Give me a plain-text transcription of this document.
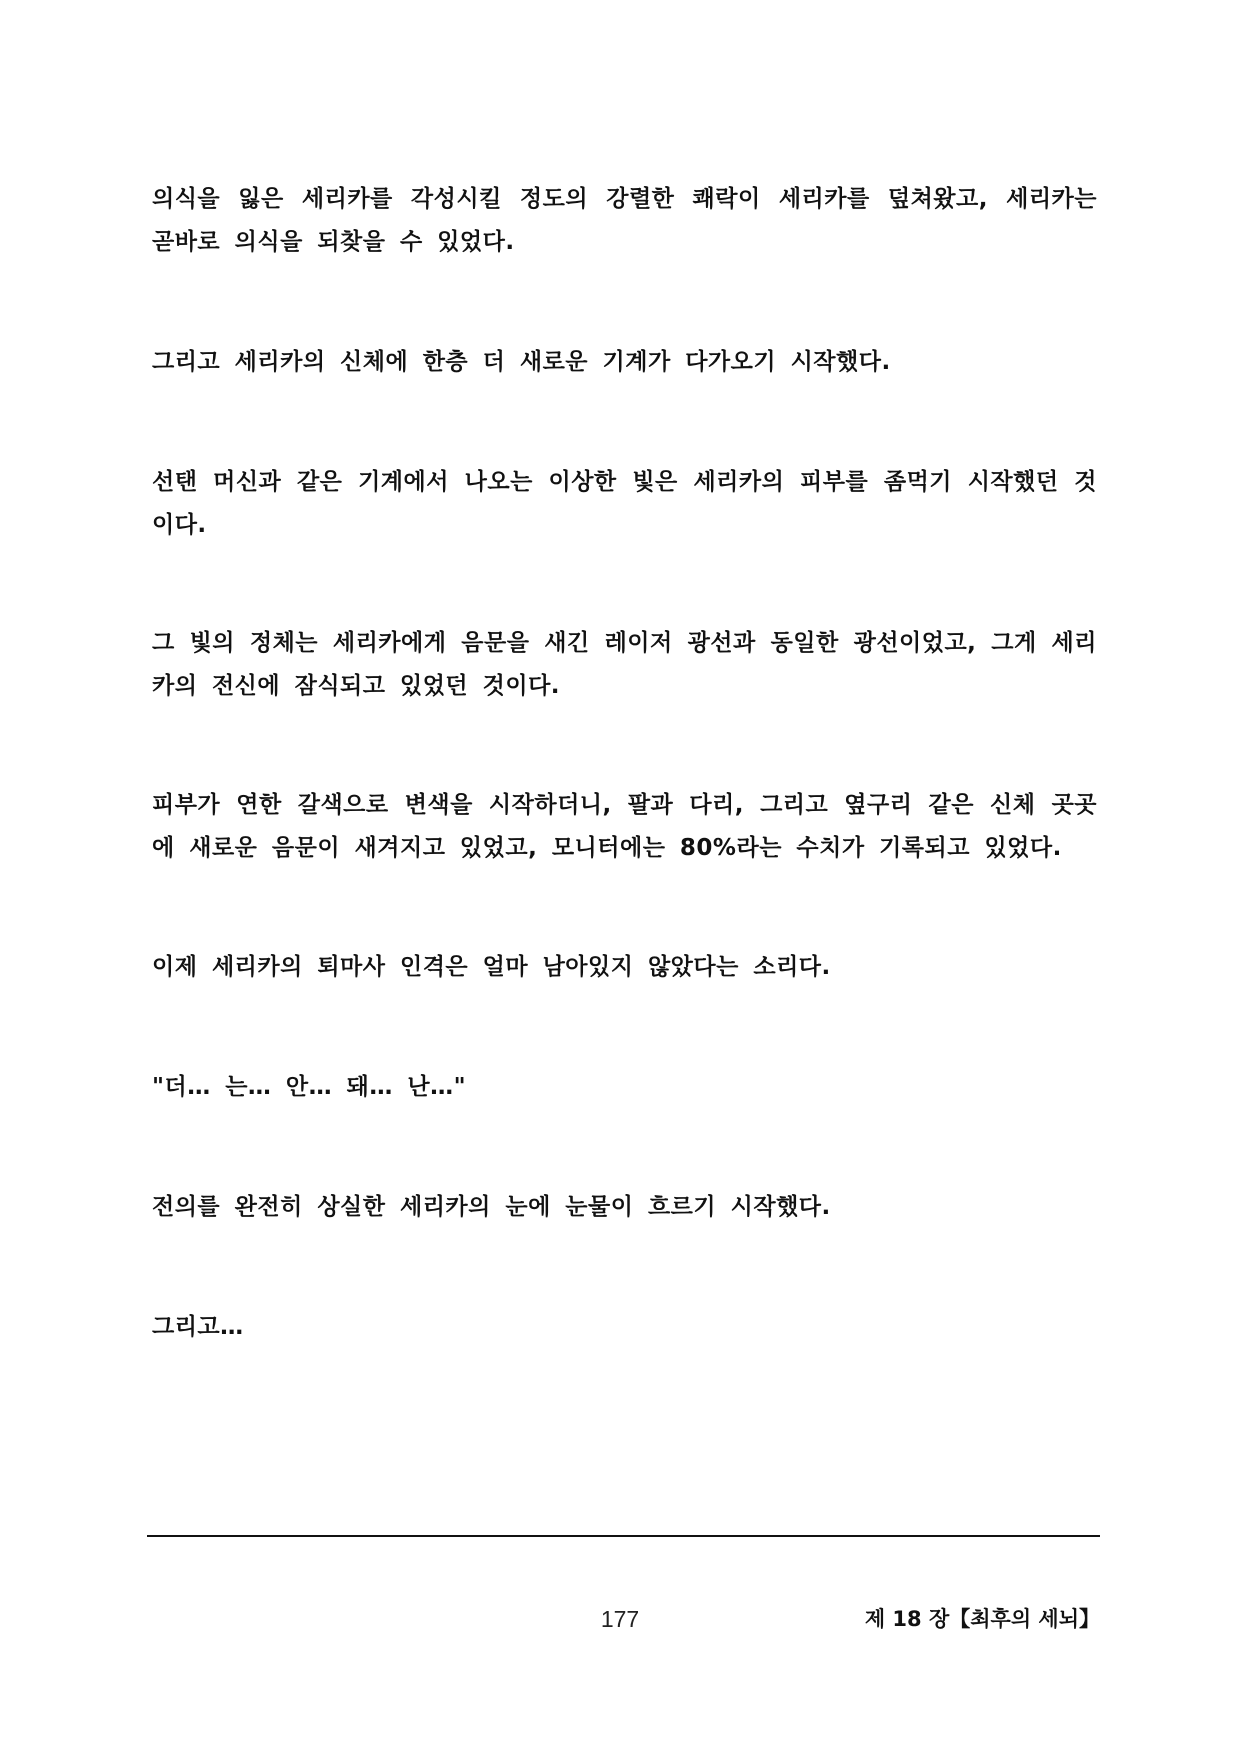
의식을 잃은 세리카를 각성시킬 정도의 강렬한 쾌락이 세리카를 덮쳐왔고, 세리카는 곧바로 의식을 되찾을 수 있었다.

그리고 세리카의 신체에 한층 더 새로운 기계가 다가오기 시작했다.

선탠 머신과 같은 기계에서 나오는 이상한 빛은 세리카의 피부를 좀먹기 시작했던 것이다.

그 빛의 정체는 세리카에게 음문을 새긴 레이저 광선과 동일한 광선이었고, 그게 세리카의 전신에 잠식되고 있었던 것이다.

피부가 연한 갈색으로 변색을 시작하더니, 팔과 다리, 그리고 옆구리 같은 신체 곳곳에 새로운 음문이 새겨지고 있었고, 모니터에는 80%라는 수치가 기록되고 있었다.

이제 세리카의 퇴마사 인격은 얼마 남아있지 않았다는 소리다.

"더… 는… 안… 돼… 난…"

전의를 완전히 상실한 세리카의 눈에 눈물이 흐르기 시작했다.

그리고…

177	제 18 장【최후의 세뇌】
